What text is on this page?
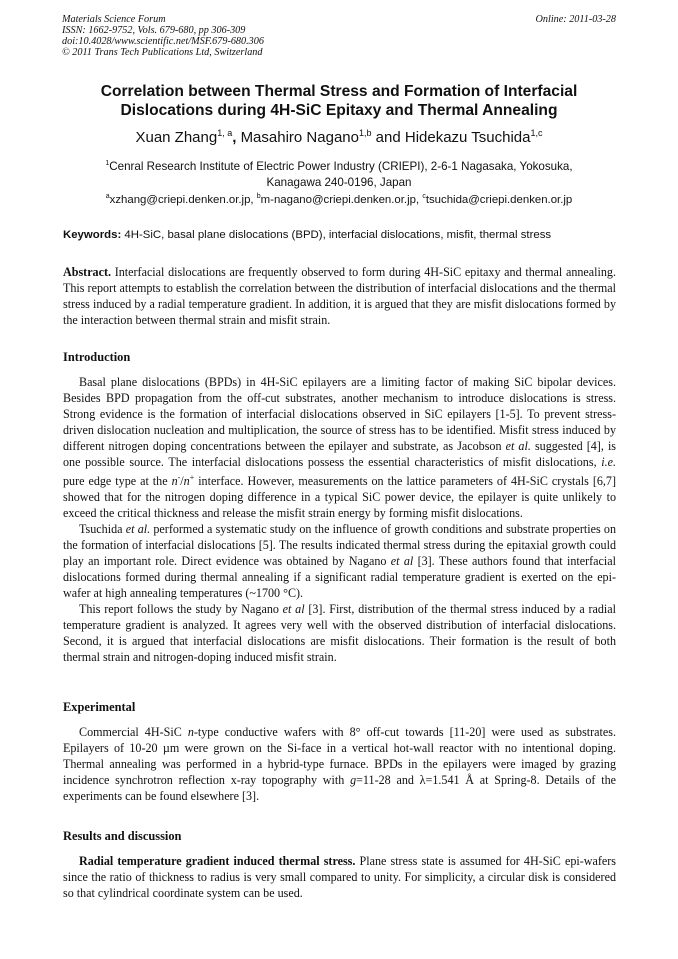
Materials Science Forum
ISSN: 1662-9752, Vols. 679-680, pp 306-309
doi:10.4028/www.scientific.net/MSF.679-680.306
© 2011 Trans Tech Publications Ltd, Switzerland
Online: 2011-03-28
Correlation between Thermal Stress and Formation of Interfacial
Dislocations during 4H-SiC Epitaxy and Thermal Annealing
Xuan Zhang$^{1, a}$, Masahiro Nagano$^{1,b}$ and Hidekazu Tsuchida$^{1,c}$
$^1$Cenral Research Institute of Electric Power Industry (CRIEPI), 2-6-1 Nagasaka, Yokosuka,
Kanagawa 240-0196, Japan
$^a$xzhang@criepi.denken.or.jp, $^b$m-nagano@criepi.denken.or.jp, $^c$tsuchida@criepi.denken.or.jp
Keywords: 4H-SiC, basal plane dislocations (BPD), interfacial dislocations, misfit, thermal stress

Abstract. Interfacial dislocations are frequently observed to form during 4H-SiC epitaxy and thermal annealing. This report attempts to establish the correlation between the distribution of interfacial dislocations and the thermal stress induced by a radial temperature gradient. In addition, it is argued that they are misfit dislocations formed by the interaction between thermal strain and misfit strain.

Introduction

Basal plane dislocations (BPDs) in 4H-SiC epilayers are a limiting factor of making SiC bipolar devices. Besides BPD propagation from the off-cut substrates, another mechanism to introduce dislocations is stress. Strong evidence is the formation of interfacial dislocations observed in SiC epilayers [1-5]. To prevent stress-driven dislocation nucleation and multiplication, the source of stress has to be identified. Misfit stress induced by different nitrogen doping concentrations between the epilayer and substrate, as Jacobson et al. suggested [4], is one possible source. The interfacial dislocations possess the essential characteristics of misfit dislocations, i.e. pure edge type at the n-/n+ interface. However, measurements on the lattice parameters of 4H-SiC crystals [6,7] showed that for the nitrogen doping difference in a typical SiC power device, the epilayer is quite unlikely to exceed the critical thickness and release the misfit strain energy by forming misfit dislocations.

Tsuchida et al. performed a systematic study on the influence of growth conditions and substrate properties on the formation of interfacial dislocations [5]. The results indicated thermal stress during the epitaxial growth could play an important role. Direct evidence was obtained by Nagano et al [3]. These authors found that interfacial dislocations formed during thermal annealing if a significant radial temperature gradient is exerted on the epi-wafer at high annealing temperatures (~1700 °C).

This report follows the study by Nagano et al [3]. First, distribution of the thermal stress induced by a radial temperature gradient is analyzed. It agrees very well with the observed distribution of interfacial dislocations. Second, it is argued that interfacial dislocations are misfit dislocations. Their formation is the result of both thermal strain and nitrogen-doping induced misfit strain.

Experimental

Commercial 4H-SiC n-type conductive wafers with 8° off-cut towards [11-20] were used as substrates. Epilayers of 10-20 µm were grown on the Si-face in a vertical hot-wall reactor with no intentional doping. Thermal annealing was performed in a hybrid-type furnace. BPDs in the epilayers were imaged by grazing incidence synchrotron reflection x-ray topography with g=11-28 and λ=1.541 Å at Spring-8. Details of the experiments can be found elsewhere [3].

Results and discussion

Radial temperature gradient induced thermal stress. Plane stress state is assumed for 4H-SiC epi-wafers since the ratio of thickness to radius is very small compared to unity. For simplicity, a circular disk is considered so that cylindrical coordinate system can be used.
